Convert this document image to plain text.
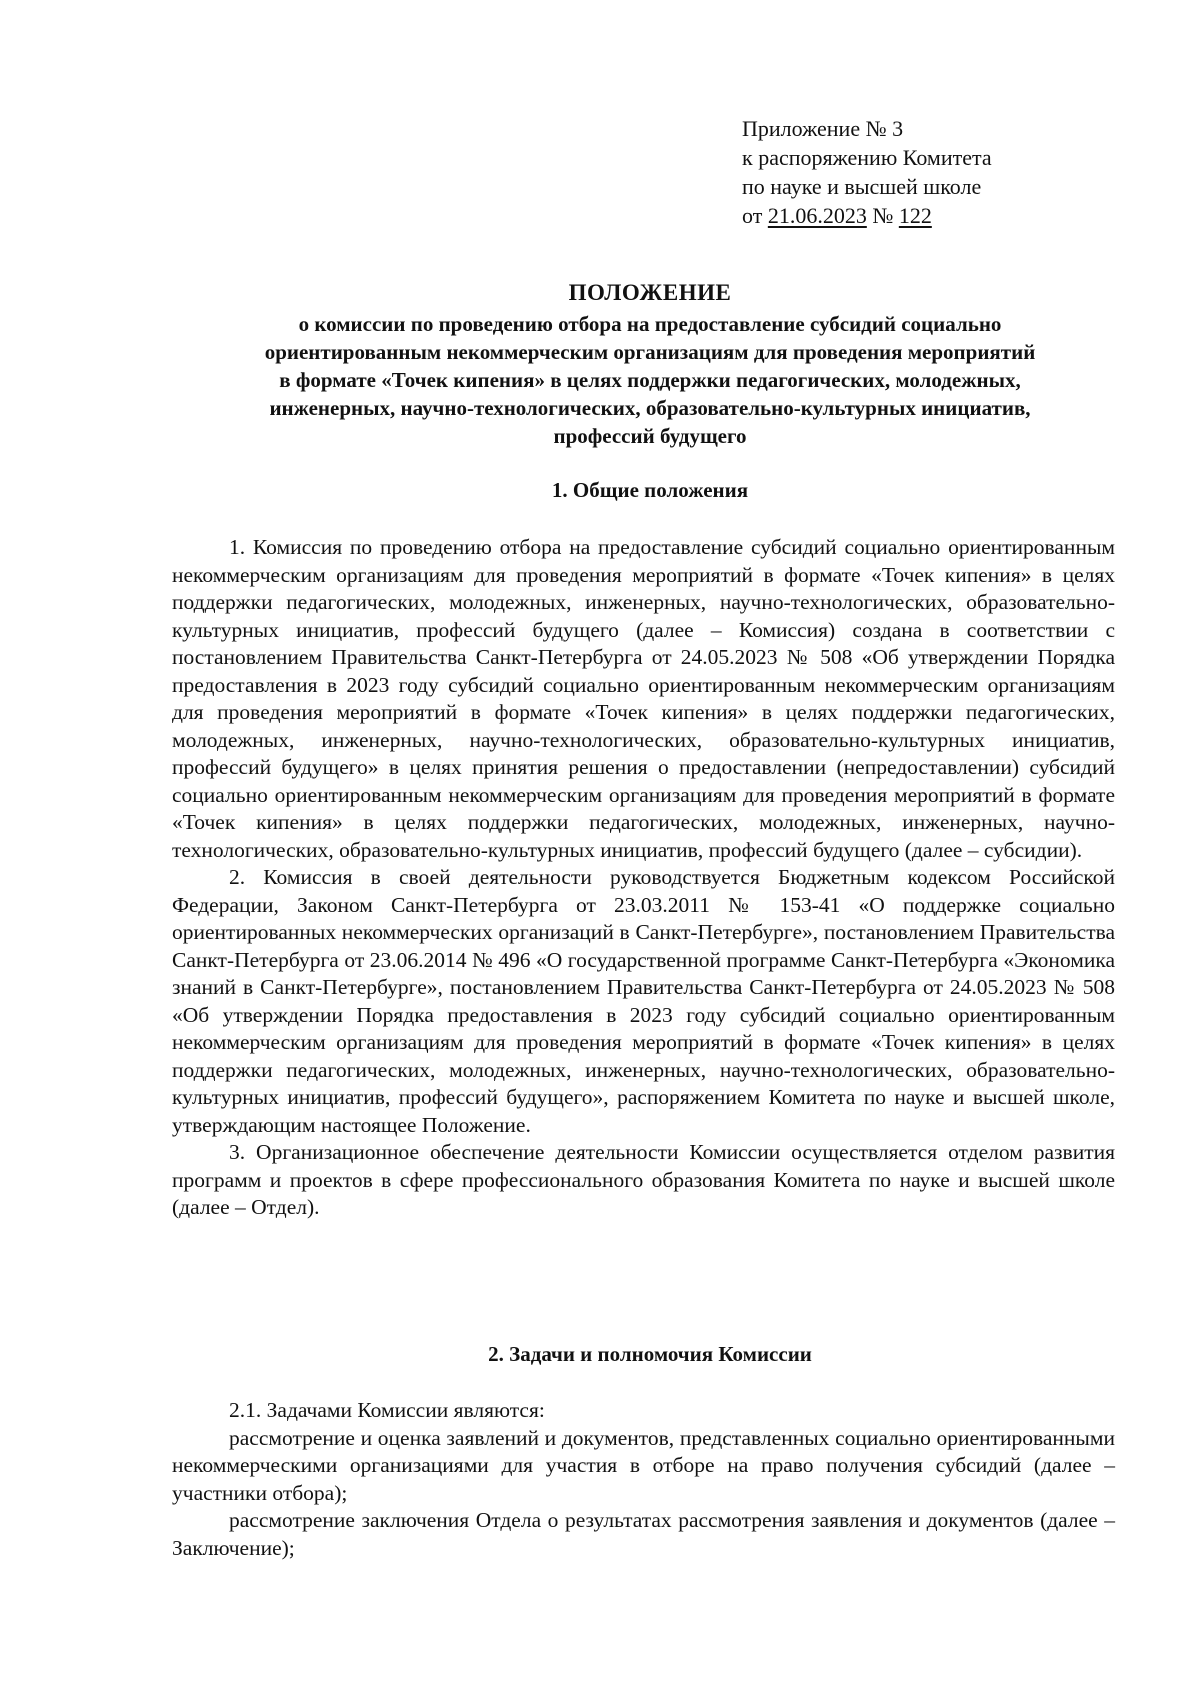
Приложение № 3
к распоряжению Комитета
по науке и высшей школе
от 21.06.2023 № 122
ПОЛОЖЕНИЕ
о комиссии по проведению отбора на предоставление субсидий социально
ориентированным некоммерческим организациям для проведения мероприятий
в формате «Точек кипения» в целях поддержки педагогических, молодежных,
инженерных, научно-технологических, образовательно-культурных инициатив,
профессий будущего
1. Общие положения

1. Комиссия по проведению отбора на предоставление субсидий социально ориентированным некоммерческим организациям для проведения мероприятий в формате «Точек кипения» в целях поддержки педагогических, молодежных, инженерных, научно-технологических, образовательно-культурных инициатив, профессий будущего (далее – Комиссия) создана в соответствии с постановлением Правительства Санкт-Петербурга от 24.05.2023 № 508 «Об утверждении Порядка предоставления в 2023 году субсидий социально ориентированным некоммерческим организациям для проведения мероприятий в формате «Точек кипения» в целях поддержки педагогических, молодежных, инженерных, научно-технологических, образовательно-культурных инициатив, профессий будущего» в целях принятия решения о предоставлении (непредоставлении) субсидий социально ориентированным некоммерческим организациям для проведения мероприятий в формате «Точек кипения» в целях поддержки педагогических, молодежных, инженерных, научно-технологических, образовательно-культурных инициатив, профессий будущего (далее – субсидии).

2. Комиссия в своей деятельности руководствуется Бюджетным кодексом Российской Федерации, Законом Санкт-Петербурга от 23.03.2011 № 153-41 «О поддержке социально ориентированных некоммерческих организаций в Санкт-Петербурге», постановлением Правительства Санкт-Петербурга от 23.06.2014 № 496 «О государственной программе Санкт-Петербурга «Экономика знаний в Санкт-Петербурге», постановлением Правительства Санкт-Петербурга от 24.05.2023 № 508 «Об утверждении Порядка предоставления в 2023 году субсидий социально ориентированным некоммерческим организациям для проведения мероприятий в формате «Точек кипения» в целях поддержки педагогических, молодежных, инженерных, научно-технологических, образовательно-культурных инициатив, профессий будущего», распоряжением Комитета по науке и высшей школе, утверждающим настоящее Положение.

3. Организационное обеспечение деятельности Комиссии осуществляется отделом развития программ и проектов в сфере профессионального образования Комитета по науке и высшей школе (далее – Отдел).

2. Задачи и полномочия Комиссии

2.1. Задачами Комиссии являются:

рассмотрение и оценка заявлений и документов, представленных социально ориентированными некоммерческими организациями для участия в отборе на право получения субсидий (далее – участники отбора);

рассмотрение заключения Отдела о результатах рассмотрения заявления и документов (далее – Заключение);
